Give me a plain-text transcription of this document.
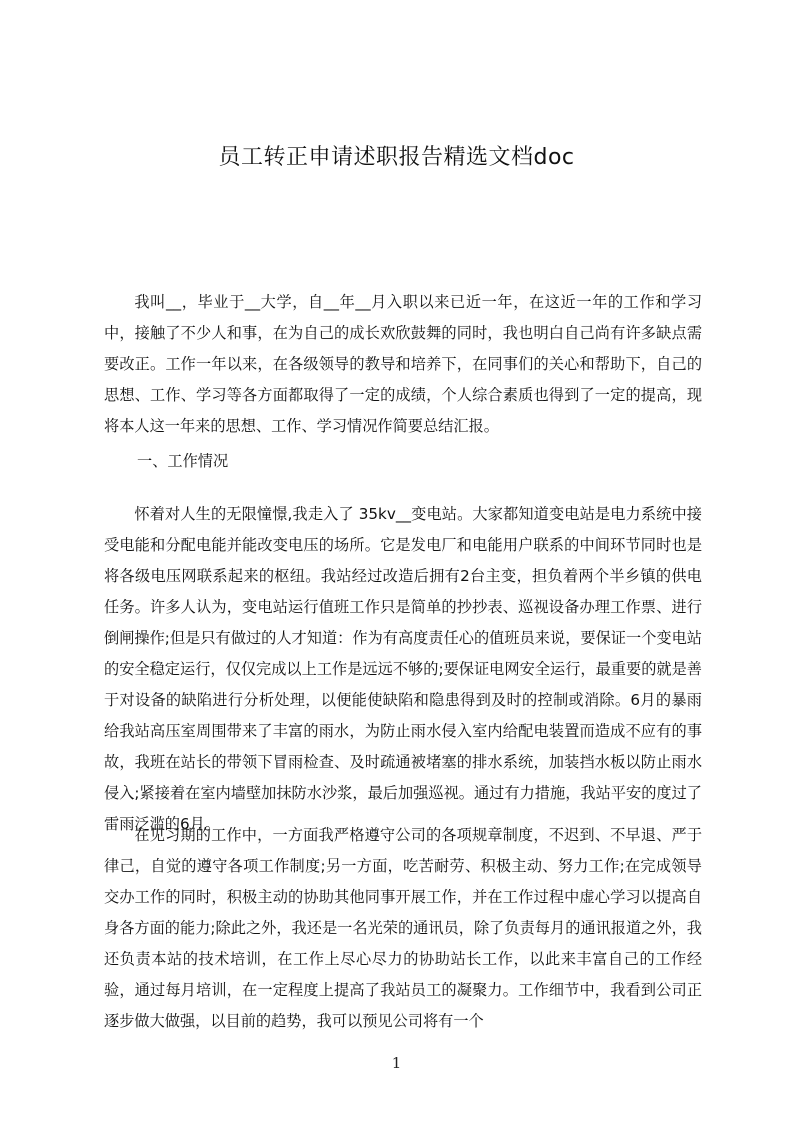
员工转正申请述职报告精选文档doc

我叫__，毕业于__大学，自__年__月入职以来已近一年，在这近一年的工作和学习中，接触了不少人和事，在为自己的成长欢欣鼓舞的同时，我也明白自己尚有许多缺点需要改正。工作一年以来，在各级领导的教导和培养下，在同事们的关心和帮助下，自己的思想、工作、学习等各方面都取得了一定的成绩，个人综合素质也得到了一定的提高，现将本人这一年来的思想、工作、学习情况作简要总结汇报。

一、工作情况

怀着对人生的无限憧憬,我走入了 35kv__变电站。大家都知道变电站是电力系统中接受电能和分配电能并能改变电压的场所。它是发电厂和电能用户联系的中间环节同时也是将各级电压网联系起来的枢纽。我站经过改造后拥有2台主变，担负着两个半乡镇的供电任务。许多人认为，变电站运行值班工作只是简单的抄抄表、巡视设备办理工作票、进行倒闸操作;但是只有做过的人才知道：作为有高度责任心的值班员来说，要保证一个变电站的安全稳定运行，仅仅完成以上工作是远远不够的;要保证电网安全运行，最重要的就是善于对设备的缺陷进行分析处理，以便能使缺陷和隐患得到及时的控制或消除。6月的暴雨给我站高压室周围带来了丰富的雨水，为防止雨水侵入室内给配电装置而造成不应有的事故，我班在站长的带领下冒雨检查、及时疏通被堵塞的排水系统，加装挡水板以防止雨水侵入;紧接着在室内墙壁加抹防水沙浆，最后加强巡视。通过有力措施，我站平安的度过了雷雨泛滥的6月。

在见习期的工作中，一方面我严格遵守公司的各项规章制度，不迟到、不早退、严于律己，自觉的遵守各项工作制度;另一方面，吃苦耐劳、积极主动、努力工作;在完成领导交办工作的同时，积极主动的协助其他同事开展工作，并在工作过程中虚心学习以提高自身各方面的能力;除此之外，我还是一名光荣的通讯员，除了负责每月的通讯报道之外，我还负责本站的技术培训，在工作上尽心尽力的协助站长工作，以此来丰富自己的工作经验，通过每月培训，在一定程度上提高了我站员工的凝聚力。工作细节中，我看到公司正逐步做大做强，以目前的趋势，我可以预见公司将有一个

1
